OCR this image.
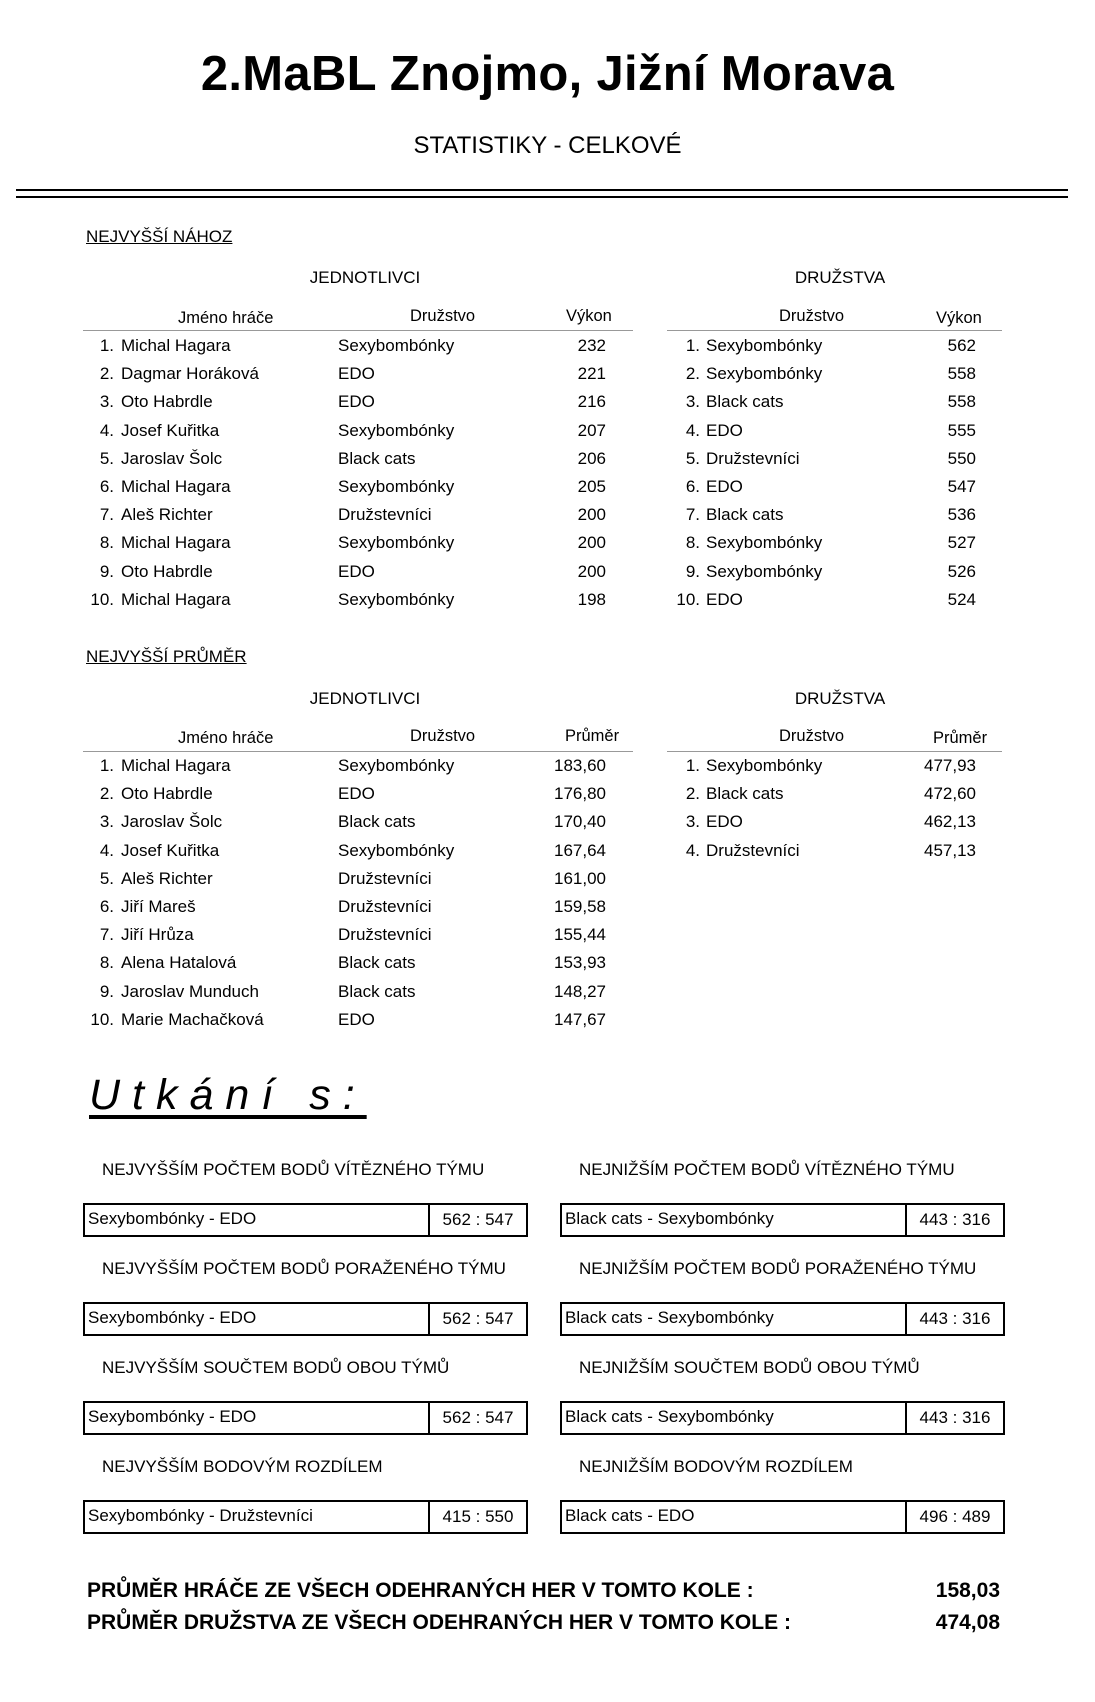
2.MaBL Znojmo, Jižní Morava
STATISTIKY - CELKOVÉ
NEJVYŠŠÍ NÁHOZ
JEDNOTLIVCI	DRUŽSTVA
Jméno hráče	Družstvo	Výkon	Družstvo	Výkon
1. Michal Hagara	Sexybombónky	232
2. Dagmar Horáková	EDO	221
3. Oto Habrdle	EDO	216
4. Josef Kuřitka	Sexybombónky	207
5. Jaroslav Šolc	Black cats	206
6. Michal Hagara	Sexybombónky	205
7. Aleš Richter	Družstevníci	200
8. Michal Hagara	Sexybombónky	200
9. Oto Habrdle	EDO	200
10. Michal Hagara	Sexybombónky	198
1. Sexybombónky	562
2. Sexybombónky	558
3. Black cats	558
4. EDO	555
5. Družstevníci	550
6. EDO	547
7. Black cats	536
8. Sexybombónky	527
9. Sexybombónky	526
10. EDO	524
NEJVYŠŠÍ PRŮMĚR
JEDNOTLIVCI	DRUŽSTVA
Jméno hráče	Družstvo	Průměr	Družstvo	Průměr
1. Michal Hagara	Sexybombónky	183,60
2. Oto Habrdle	EDO	176,80
3. Jaroslav Šolc	Black cats	170,40
4. Josef Kuřitka	Sexybombónky	167,64
5. Aleš Richter	Družstevníci	161,00
6. Jiří Mareš	Družstevníci	159,58
7. Jiří Hrůza	Družstevníci	155,44
8. Alena Hatalová	Black cats	153,93
9. Jaroslav Munduch	Black cats	148,27
10. Marie Machačková	EDO	147,67
1. Sexybombónky	477,93
2. Black cats	472,60
3. EDO	462,13
4. Družstevníci	457,13
Utkání s:
NEJVYŠŠÍM POČTEM BODŮ VÍTĚZNÉHO TÝMU
Sexybombónky - EDO	562 : 547
NEJNIŽŠÍM POČTEM BODŮ VÍTĚZNÉHO TÝMU
Black cats - Sexybombónky	443 : 316
NEJVYŠŠÍM POČTEM BODŮ PORAŽENÉHO TÝMU
Sexybombónky - EDO	562 : 547
NEJNIŽŠÍM POČTEM BODŮ PORAŽENÉHO TÝMU
Black cats - Sexybombónky	443 : 316
NEJVYŠŠÍM SOUČTEM BODŮ OBOU TÝMŮ
Sexybombónky - EDO	562 : 547
NEJNIŽŠÍM SOUČTEM BODŮ OBOU TÝMŮ
Black cats - Sexybombónky	443 : 316
NEJVYŠŠÍM BODOVÝM ROZDÍLEM
Sexybombónky - Družstevníci	415 : 550
NEJNIŽŠÍM BODOVÝM ROZDÍLEM
Black cats - EDO	496 : 489
PRŮMĚR HRÁČE ZE VŠECH ODEHRANÝCH HER V TOMTO KOLE :	158,03
PRŮMĚR DRUŽSTVA ZE VŠECH ODEHRANÝCH HER V TOMTO KOLE :	474,08
